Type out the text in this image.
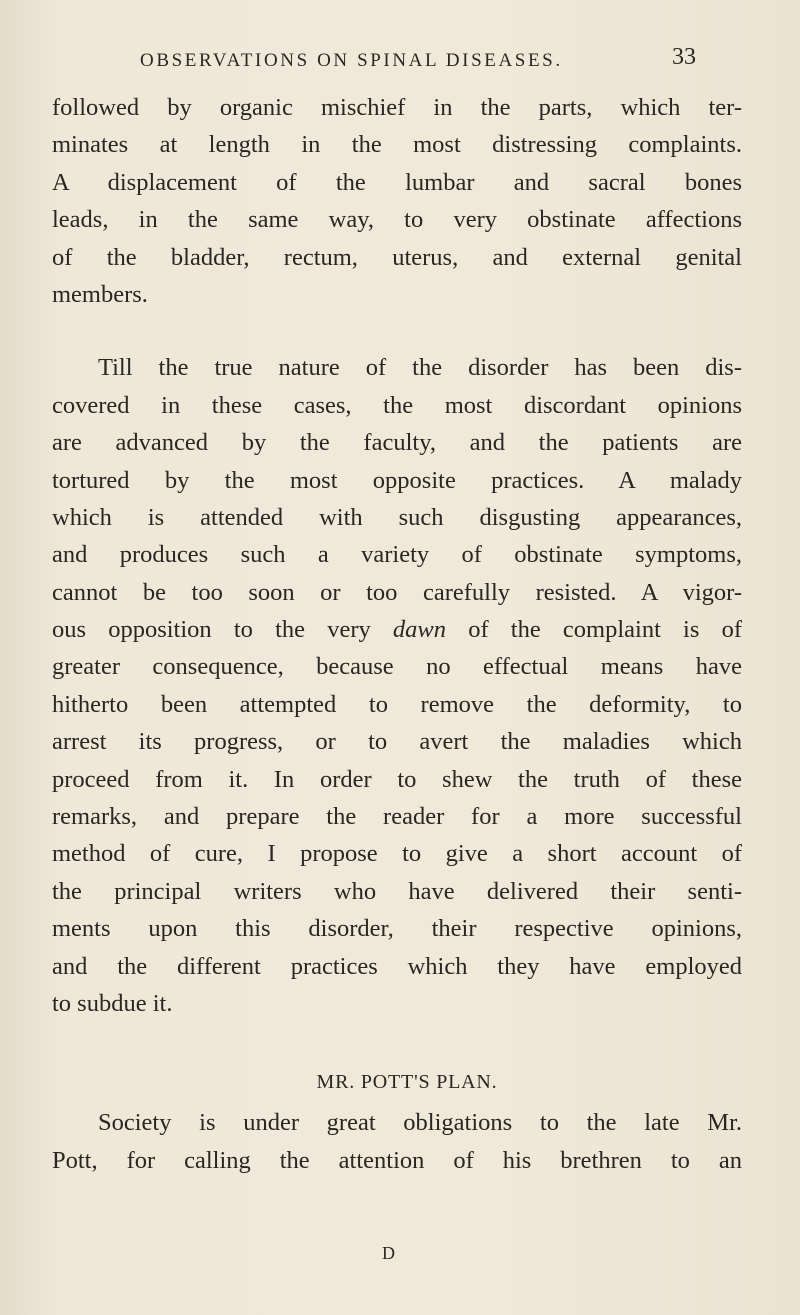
OBSERVATIONS ON SPINAL DISEASES.	33
followed by organic mischief in the parts, which ter-
minates at length in the most distressing complaints.
A displacement of the lumbar and sacral bones
leads, in the same way, to very obstinate affections
of the bladder, rectum, uterus, and external genital
members.
Till the true nature of the disorder has been dis-
covered in these cases, the most discordant opinions
are advanced by the faculty, and the patients are
tortured by the most opposite practices. A malady
which is attended with such disgusting appearances,
and produces such a variety of obstinate symptoms,
cannot be too soon or too carefully resisted. A vigor-
ous opposition to the very dawn of the complaint is of
greater consequence, because no effectual means have
hitherto been attempted to remove the deformity, to
arrest its progress, or to avert the maladies which
proceed from it. In order to shew the truth of these
remarks, and prepare the reader for a more successful
method of cure, I propose to give a short account of
the principal writers who have delivered their senti-
ments upon this disorder, their respective opinions,
and the different practices which they have employed
to subdue it.
MR. POTT'S PLAN.
Society is under great obligations to the late Mr.
Pott, for calling the attention of his brethren to an
D
